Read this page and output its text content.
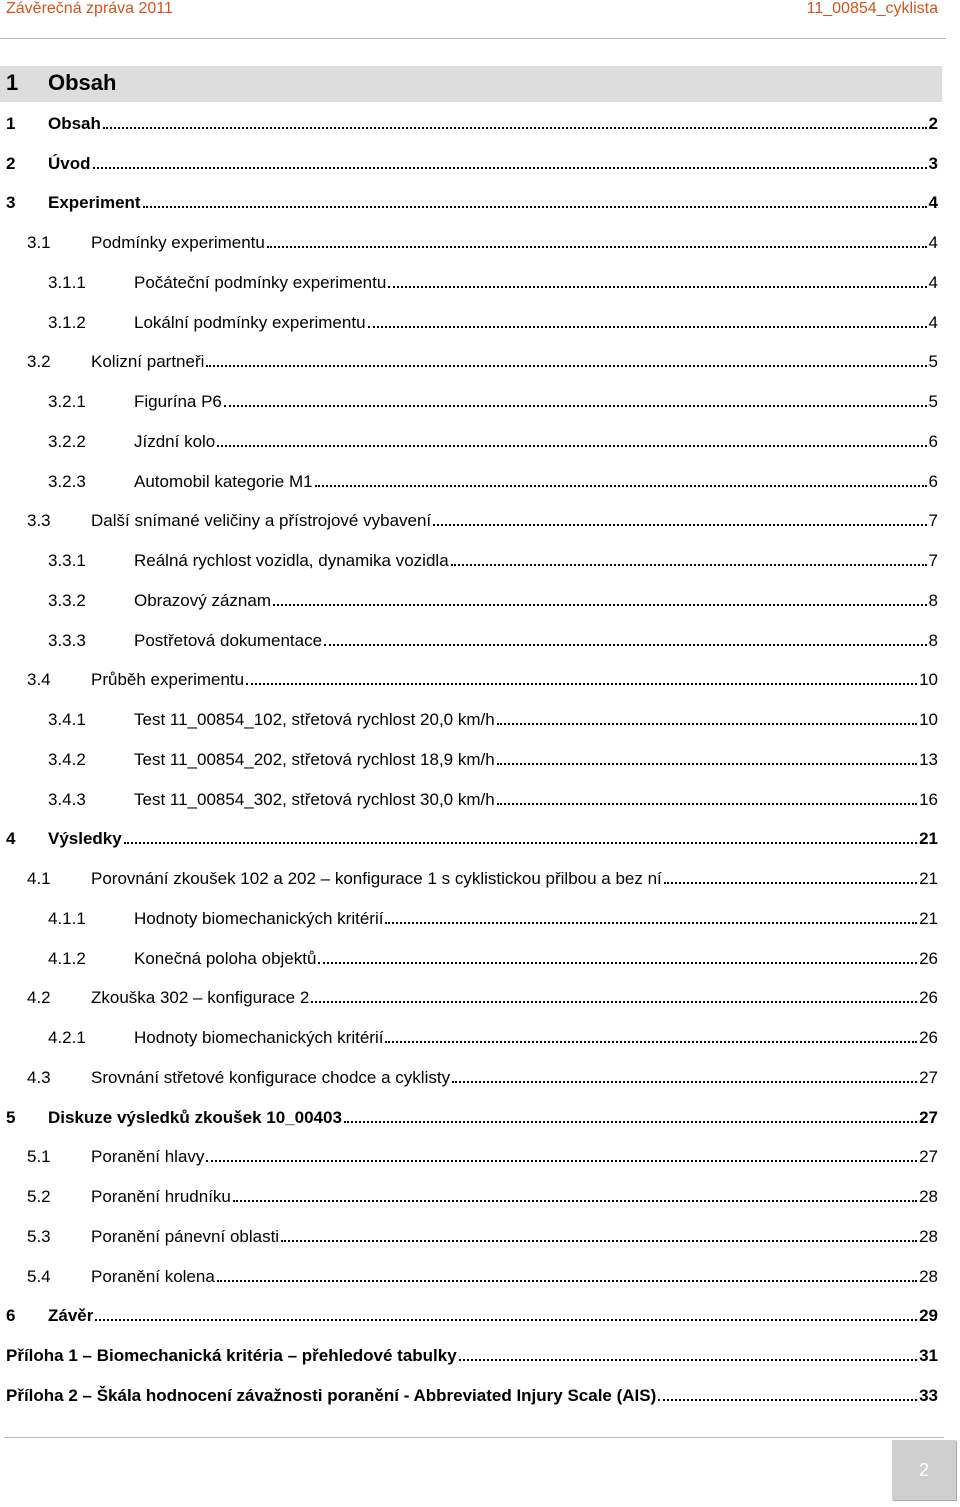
Závěrečná zpráva 2011	11_00854_cyklista
1 Obsah
1	Obsah	2
2	Úvod	3
3	Experiment	4
3.1	Podmínky experimentu	4
3.1.1	Počáteční podmínky experimentu	4
3.1.2	Lokální podmínky experimentu	4
3.2	Kolizní partneři	5
3.2.1	Figurína P6	5
3.2.2	Jízdní kolo	6
3.2.3	Automobil kategorie M1	6
3.3	Další snímané veličiny a přístrojové vybavení	7
3.3.1	Reálná rychlost vozidla, dynamika vozidla	7
3.3.2	Obrazový záznam	8
3.3.3	Postřetová dokumentace	8
3.4	Průběh experimentu	10
3.4.1	Test 11_00854_102, střetová rychlost 20,0 km/h	10
3.4.2	Test 11_00854_202, střetová rychlost 18,9 km/h	13
3.4.3	Test 11_00854_302, střetová rychlost 30,0 km/h	16
4	Výsledky	21
4.1	Porovnání zkoušek 102 a 202 – konfigurace 1 s cyklistickou přilbou a bez ní	21
4.1.1	Hodnoty biomechanických kritérií	21
4.1.2	Konečná poloha objektů	26
4.2	Zkouška 302 – konfigurace 2	26
4.2.1	Hodnoty biomechanických kritérií	26
4.3	Srovnání střetové konfigurace chodce a cyklisty	27
5	Diskuze výsledků zkoušek 10_00403	27
5.1	Poranění hlavy	27
5.2	Poranění hrudníku	28
5.3	Poranění pánevní oblasti	28
5.4	Poranění kolena	28
6	Závěr	29
Příloha 1 – Biomechanická kritéria – přehledové tabulky	31
Příloha 2 – Škála hodnocení závažnosti poranění - Abbreviated Injury Scale (AIS)	33
2
